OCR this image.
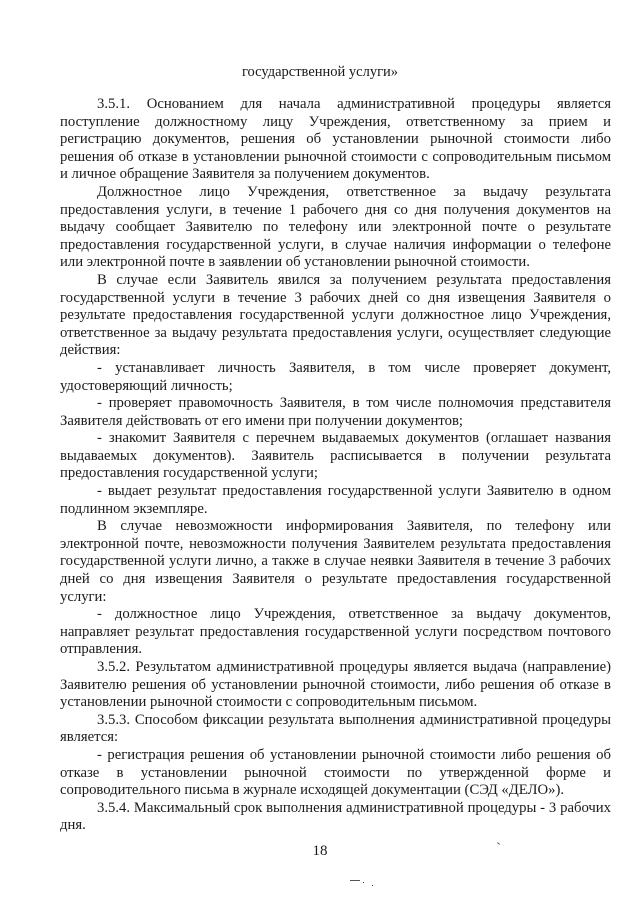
государственной услуги»

3.5.1. Основанием для начала административной процедуры является поступление должностному лицу Учреждения, ответственному за прием и регистрацию документов, решения об установлении рыночной стоимости либо решения об отказе в установлении рыночной стоимости с сопроводительным письмом и личное обращение Заявителя за получением документов.

Должностное лицо Учреждения, ответственное за выдачу результата предоставления услуги, в течение 1 рабочего дня со дня получения документов на выдачу сообщает Заявителю по телефону или электронной почте о результате предоставления государственной услуги, в случае наличия информации о телефоне или электронной почте в заявлении об установлении рыночной стоимости.

В случае если Заявитель явился за получением результата предоставления государственной услуги в течение 3 рабочих дней со дня извещения Заявителя о результате предоставления государственной услуги должностное лицо Учреждения, ответственное за выдачу результата предоставления услуги, осуществляет следующие действия:

- устанавливает личность Заявителя, в том числе проверяет документ, удостоверяющий личность;

- проверяет правомочность Заявителя, в том числе полномочия представителя Заявителя действовать от его имени при получении документов;

- знакомит Заявителя с перечнем выдаваемых документов (оглашает названия выдаваемых документов). Заявитель расписывается в получении результата предоставления государственной услуги;

- выдает результат предоставления государственной услуги Заявителю в одном подлинном экземпляре.

В случае невозможности информирования Заявителя, по телефону или электронной почте, невозможности получения Заявителем результата предоставления государственной услуги лично, а также в случае неявки Заявителя в течение 3 рабочих дней со дня извещения Заявителя о результате предоставления государственной услуги:

- должностное лицо Учреждения, ответственное за выдачу документов, направляет результат предоставления государственной услуги посредством почтового отправления.

3.5.2. Результатом административной процедуры является выдача (направление) Заявителю решения об установлении рыночной стоимости, либо решения об отказе в установлении рыночной стоимости с сопроводительным письмом.

3.5.3. Способом фиксации результата выполнения административной процедуры является:

- регистрация решения об установлении рыночной стоимости либо решения об отказе в установлении рыночной стоимости по утвержденной форме и сопроводительного письма в журнале исходящей документации (СЭД «ДЕЛО»).

3.5.4. Максимальный срок выполнения административной процедуры - 3 рабочих дня.

18
